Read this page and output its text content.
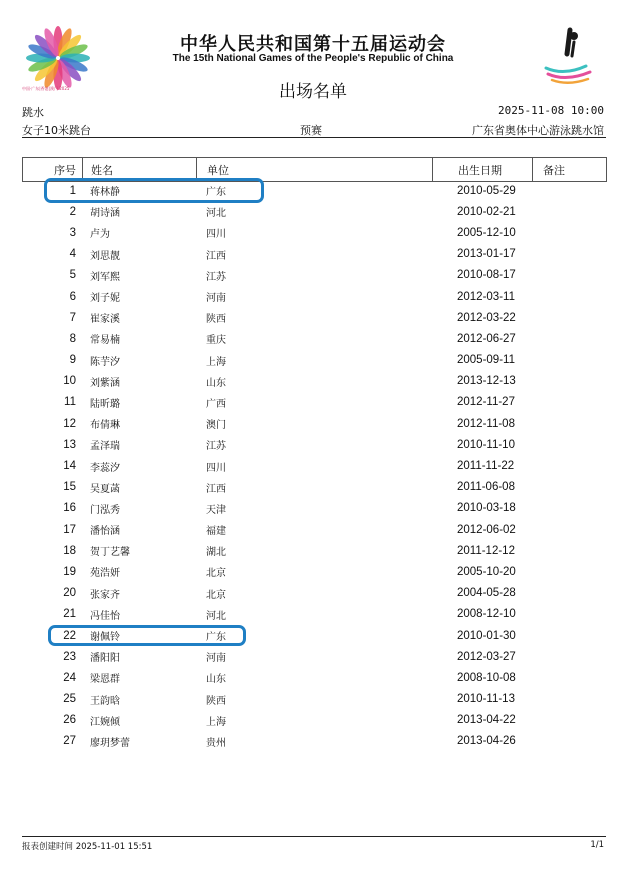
中国·广东|香港|澳门 2025
中华人民共和国第十五届运动会
The 15th National Games of the People's Republic of China
出场名单
跳水	2025-11-08 10:00
女子10米跳台	预赛	广东省奥体中心游泳跳水馆
序号	姓名	单位	出生日期	备注
1	蒋林静	广东	2010-05-29
2	胡诗涵	河北	2010-02-21
3	卢为	四川	2005-12-10
4	刘思靓	江西	2013-01-17
5	刘军熙	江苏	2010-08-17
6	刘子妮	河南	2012-03-11
7	崔家溪	陕西	2012-03-22
8	常易楠	重庆	2012-06-27
9	陈芋汐	上海	2005-09-11
10	刘紫涵	山东	2013-12-13
11	陆昕璐	广西	2012-11-27
12	布倩琳	澳门	2012-11-08
13	孟泽瑞	江苏	2010-11-10
14	李蕊汐	四川	2011-11-22
15	吴夏菡	江西	2011-06-08
16	门泓秀	天津	2010-03-18
17	潘怡涵	福建	2012-06-02
18	贺丁艺馨	湖北	2011-12-12
19	苑浩妍	北京	2005-10-20
20	张家齐	北京	2004-05-28
21	冯佳怡	河北	2008-12-10
22	谢佩铃	广东	2010-01-30
23	潘阳阳	河南	2012-03-27
24	梁恩群	山东	2008-10-08
25	王韵晗	陕西	2010-11-13
26	江婉倾	上海	2013-04-22
27	廖玥梦蕾	贵州	2013-04-26
报表创建时间 2025-11-01 15:51	1/1
